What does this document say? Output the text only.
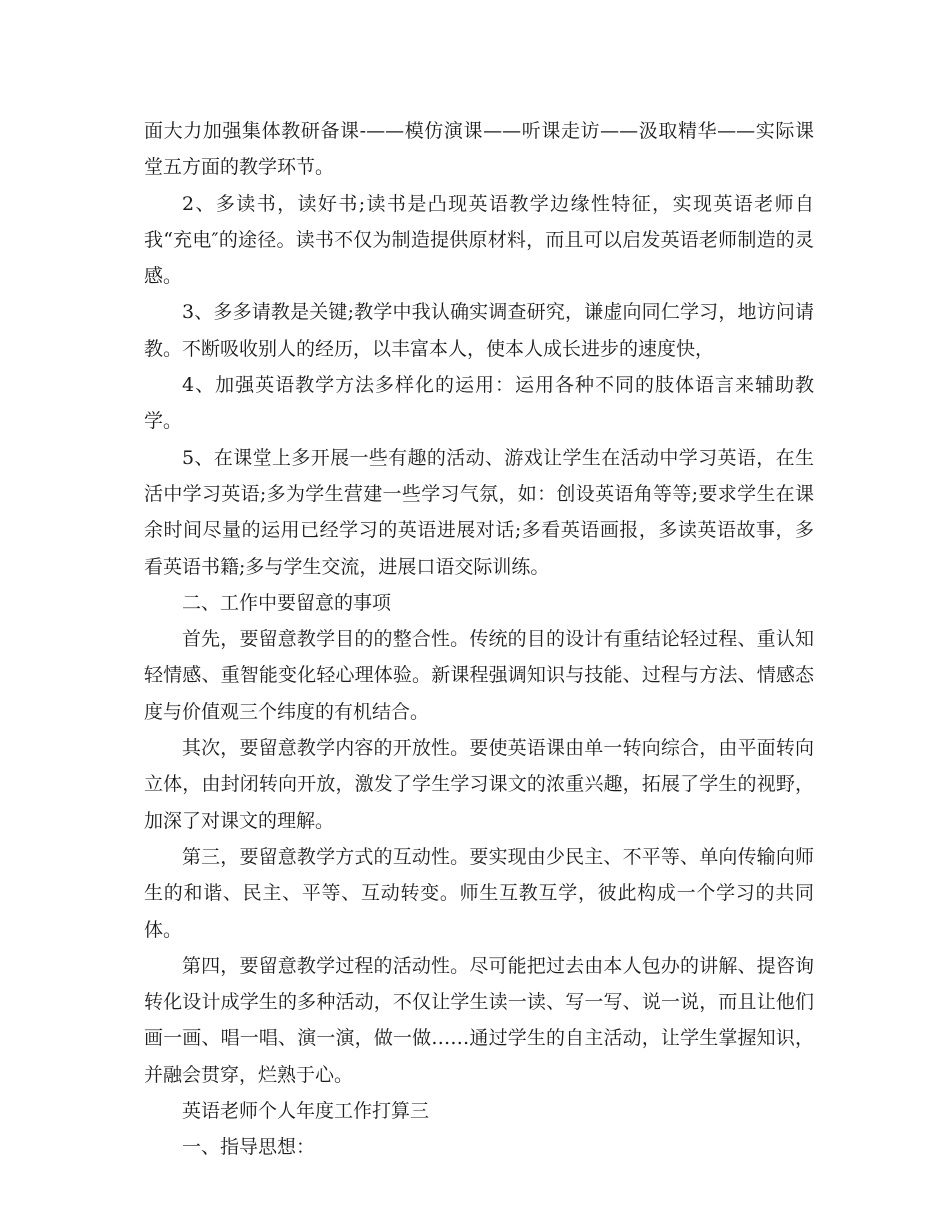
面大力加强集体教研备课-——模仿演课——听课走访——汲取精华——实际课堂五方面的教学环节。

2、多读书，读好书;读书是凸现英语教学边缘性特征，实现英语老师自我“充电″的途径。读书不仅为制造提供原材料，而且可以启发英语老师制造的灵感。

3、多多请教是关键;教学中我认确实调查研究，谦虚向同仁学习，地访问请教。不断吸收别人的经历，以丰富本人，使本人成长进步的速度快，

4、加强英语教学方法多样化的运用：运用各种不同的肢体语言来辅助教学。

5、在课堂上多开展一些有趣的活动、游戏让学生在活动中学习英语，在生活中学习英语;多为学生营建一些学习气氛，如：创设英语角等等;要求学生在课余时间尽量的运用已经学习的英语进展对话;多看英语画报，多读英语故事，多看英语书籍;多与学生交流，进展口语交际训练。

二、工作中要留意的事项

首先，要留意教学目的的整合性。传统的目的设计有重结论轻过程、重认知轻情感、重智能变化轻心理体验。新课程强调知识与技能、过程与方法、情感态度与价值观三个纬度的有机结合。

其次，要留意教学内容的开放性。要使英语课由单一转向综合，由平面转向立体，由封闭转向开放，激发了学生学习课文的浓重兴趣，拓展了学生的视野，加深了对课文的理解。

第三，要留意教学方式的互动性。要实现由少民主、不平等、单向传输向师生的和谐、民主、平等、互动转变。师生互教互学，彼此构成一个学习的共同体。

第四，要留意教学过程的活动性。尽可能把过去由本人包办的讲解、提咨询转化设计成学生的多种活动，不仅让学生读一读、写一写、说一说，而且让他们画一画、唱一唱、演一演，做一做……通过学生的自主活动，让学生掌握知识，并融会贯穿，烂熟于心。

英语老师个人年度工作打算三

一、指导思想：
